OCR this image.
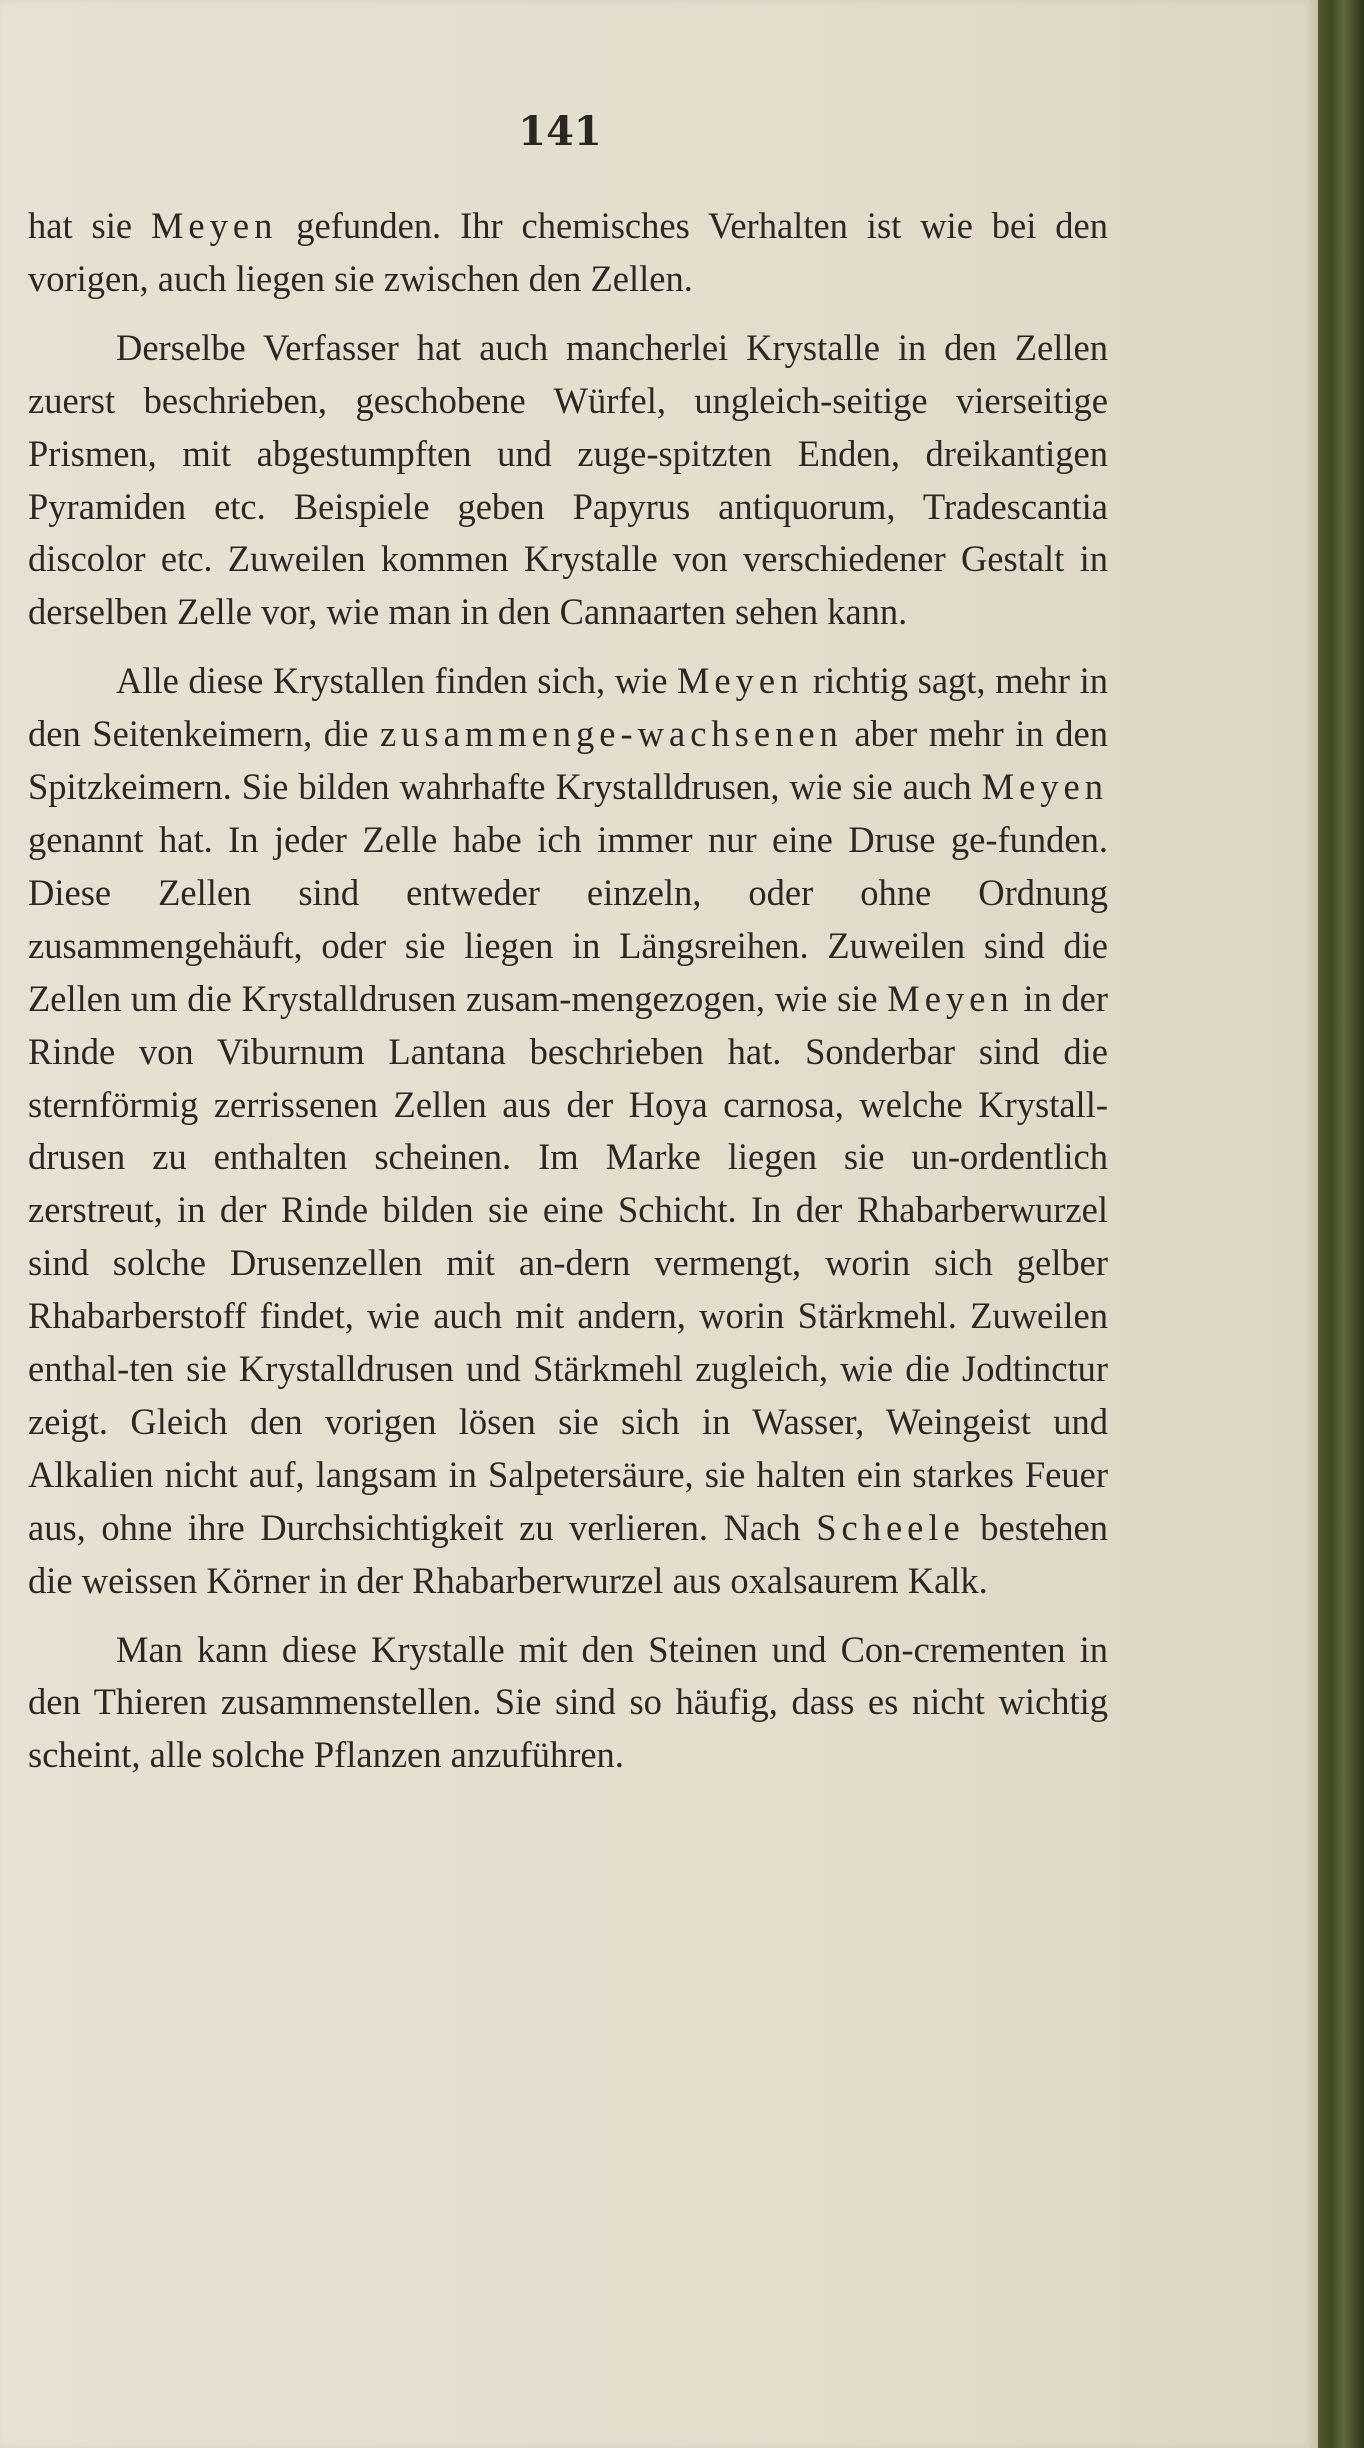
141

hat sie Meyen gefunden. Ihr chemisches Verhalten ist wie bei den vorigen, auch liegen sie zwischen den Zellen.

Derselbe Verfasser hat auch mancherlei Krystalle in den Zellen zuerst beschrieben, geschobene Würfel, ungleich-seitige vierseitige Prismen, mit abgestumpften und zuge-spitzten Enden, dreikantigen Pyramiden etc. Beispiele geben Papyrus antiquorum, Tradescantia discolor etc. Zuweilen kommen Krystalle von verschiedener Gestalt in derselben Zelle vor, wie man in den Cannaarten sehen kann.

Alle diese Krystallen finden sich, wie Meyen richtig sagt, mehr in den Seitenkeimern, die zusammenge-wachsenen aber mehr in den Spitzkeimern. Sie bilden wahrhafte Krystalldrusen, wie sie auch Meyen genannt hat. In jeder Zelle habe ich immer nur eine Druse ge-funden. Diese Zellen sind entweder einzeln, oder ohne Ordnung zusammengehäuft, oder sie liegen in Längsreihen. Zuweilen sind die Zellen um die Krystalldrusen zusam-mengezogen, wie sie Meyen in der Rinde von Viburnum Lantana beschrieben hat. Sonderbar sind die sternförmig zerrissenen Zellen aus der Hoya carnosa, welche Krystall-drusen zu enthalten scheinen. Im Marke liegen sie un-ordentlich zerstreut, in der Rinde bilden sie eine Schicht. In der Rhabarberwurzel sind solche Drusenzellen mit an-dern vermengt, worin sich gelber Rhabarberstoff findet, wie auch mit andern, worin Stärkmehl. Zuweilen enthal-ten sie Krystalldrusen und Stärkmehl zugleich, wie die Jodtinctur zeigt. Gleich den vorigen lösen sie sich in Wasser, Weingeist und Alkalien nicht auf, langsam in Salpetersäure, sie halten ein starkes Feuer aus, ohne ihre Durchsichtigkeit zu verlieren. Nach Scheele bestehen die weissen Körner in der Rhabarberwurzel aus oxalsaurem Kalk.

Man kann diese Krystalle mit den Steinen und Con-crementen in den Thieren zusammenstellen. Sie sind so häufig, dass es nicht wichtig scheint, alle solche Pflanzen anzuführen.
